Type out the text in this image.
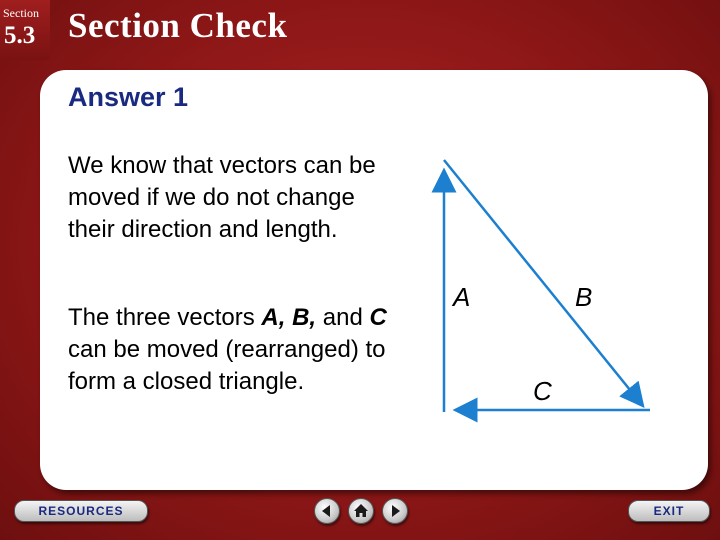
Section
5.3 Section Check
Answer 1

We know that vectors can be moved if we do not change their direction and length.

The three vectors A, B, and C can be moved (rearranged) to form a closed triangle.

A	B
C
RESOURCES	EXIT
